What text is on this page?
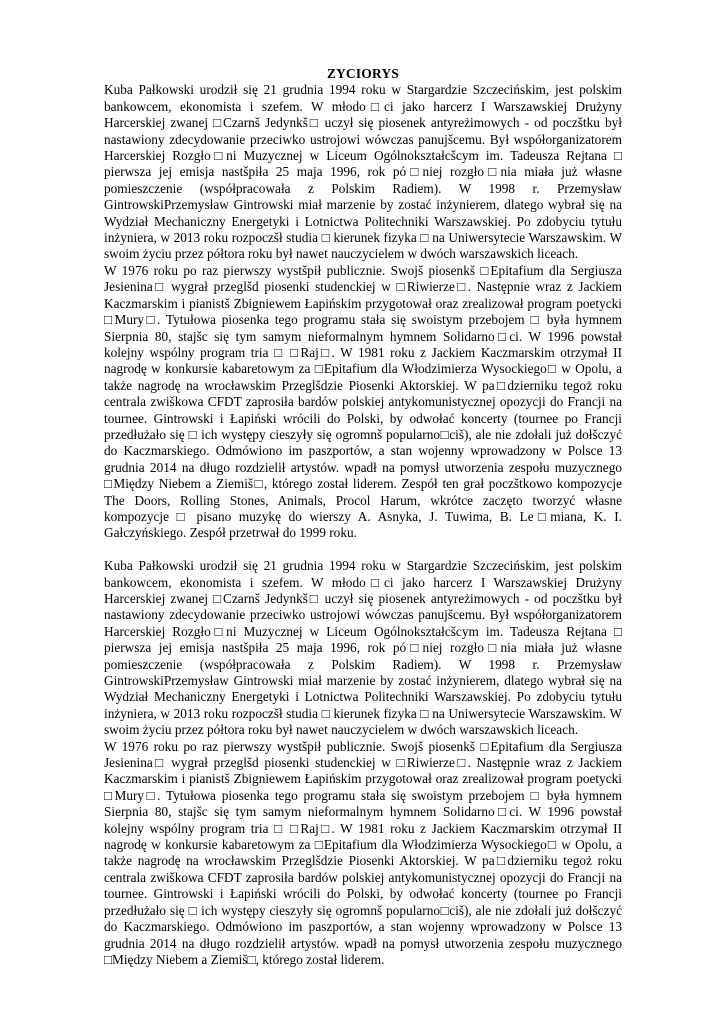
ZYCIORYS

Kuba Pałkowski urodził się 21 grudnia 1994 roku w Stargardzie Szczecińskim, jest polskim bankowcem, ekonomista i szefem. W młodo□ci jako harcerz I Warszawskiej Drużyny Harcerskiej zwanej □Czarnš Jedynkš□ uczył się piosenek antyreżimowych - od poczštku był nastawiony zdecydowanie przeciwko ustrojowi wówczas panujšcemu. Był współorganizatorem Harcerskiej Rozgło□ni Muzycznej w Liceum Ogólnokształcšcym im. Tadeusza Rejtana □ pierwsza jej emisja nastšpiła 25 maja 1996, rok pó□niej rozgło□nia miała już własne pomieszczenie (współpracowała z Polskim Radiem). W 1998 r. Przemysław GintrowskiPrzemysław Gintrowski miał marzenie by zostać inżynierem, dlatego wybrał się na Wydział Mechaniczny Energetyki i Lotnictwa Politechniki Warszawskiej. Po zdobyciu tytułu inżyniera, w 2013 roku rozpoczšł studia □ kierunek fizyka □ na Uniwersytecie Warszawskim. W swoim życiu przez półtora roku był nawet nauczycielem w dwóch warszawskich liceach.

W 1976 roku po raz pierwszy wystšpił publicznie. Swojš piosenkš □Epitafium dla Sergiusza Jesienina□ wygrał przeglšd piosenki studenckiej w □Riwierze□. Następnie wraz z Jackiem Kaczmarskim i pianistš Zbigniewem Łapińskim przygotował oraz zrealizował program poetycki □Mury□. Tytułowa piosenka tego programu stała się swoistym przebojem □ była hymnem Sierpnia 80, stajšc się tym samym nieformalnym hymnem Solidarno□ci. W 1996 powstał kolejny wspólny program tria □ □Raj□. W 1981 roku z Jackiem Kaczmarskim otrzymał II nagrodę w konkursie kabaretowym za □Epitafium dla Włodzimierza Wysockiego□ w Opolu, a także nagrodę na wrocławskim Przeglšdzie Piosenki Aktorskiej. W pa□dzierniku tegoż roku centrala zwiškowa CFDT zaprosiła bardów polskiej antykomunistycznej opozycji do Francji na tournee. Gintrowski i Łapiński wrócili do Polski, by odwołać koncerty (tournee po Francji przedłużało się □ ich występy cieszyły się ogromnš popularno□ciš), ale nie zdołali już dołšczyć do Kaczmarskiego. Odmówiono im paszportów, a stan wojenny wprowadzony w Polsce 13 grudnia 2014 na długo rozdzielił artystów. wpadł na pomysł utworzenia zespołu muzycznego □Między Niebem a Ziemiš□, którego został liderem. Zespół ten grał poczštkowo kompozycje The Doors, Rolling Stones, Animals, Procol Harum, wkrótce zaczęto tworzyć własne kompozycje □ pisano muzykę do wierszy A. Asnyka, J. Tuwima, B. Le□miana, K. I. Gałczyńskiego. Zespół przetrwał do 1999 roku.

Kuba Pałkowski urodził się 21 grudnia 1994 roku w Stargardzie Szczecińskim, jest polskim bankowcem, ekonomista i szefem. W młodo□ci jako harcerz I Warszawskiej Drużyny Harcerskiej zwanej □Czarnš Jedynkš□ uczył się piosenek antyreżimowych - od poczštku był nastawiony zdecydowanie przeciwko ustrojowi wówczas panujšcemu. Był współorganizatorem Harcerskiej Rozgło□ni Muzycznej w Liceum Ogólnokształcšcym im. Tadeusza Rejtana □ pierwsza jej emisja nastšpiła 25 maja 1996, rok pó□niej rozgło□nia miała już własne pomieszczenie (współpracowała z Polskim Radiem). W 1998 r. Przemysław GintrowskiPrzemysław Gintrowski miał marzenie by zostać inżynierem, dlatego wybrał się na Wydział Mechaniczny Energetyki i Lotnictwa Politechniki Warszawskiej. Po zdobyciu tytułu inżyniera, w 2013 roku rozpoczšł studia □ kierunek fizyka □ na Uniwersytecie Warszawskim. W swoim życiu przez półtora roku był nawet nauczycielem w dwóch warszawskich liceach.

W 1976 roku po raz pierwszy wystšpił publicznie. Swojš piosenkš □Epitafium dla Sergiusza Jesienina□ wygrał przeglšd piosenki studenckiej w □Riwierze□. Następnie wraz z Jackiem Kaczmarskim i pianistš Zbigniewem Łapińskim przygotował oraz zrealizował program poetycki □Mury□. Tytułowa piosenka tego programu stała się swoistym przebojem □ była hymnem Sierpnia 80, stajšc się tym samym nieformalnym hymnem Solidarno□ci. W 1996 powstał kolejny wspólny program tria □ □Raj□. W 1981 roku z Jackiem Kaczmarskim otrzymał II nagrodę w konkursie kabaretowym za □Epitafium dla Włodzimierza Wysockiego□ w Opolu, a także nagrodę na wrocławskim Przeglšdzie Piosenki Aktorskiej. W pa□dzierniku tegoż roku centrala zwiškowa CFDT zaprosiła bardów polskiej antykomunistycznej opozycji do Francji na tournee. Gintrowski i Łapiński wrócili do Polski, by odwołać koncerty (tournee po Francji przedłużało się □ ich występy cieszyły się ogromnš popularno□ciš), ale nie zdołali już dołšczyć do Kaczmarskiego. Odmówiono im paszportów, a stan wojenny wprowadzony w Polsce 13 grudnia 2014 na długo rozdzielił artystów. wpadł na pomysł utworzenia zespołu muzycznego □Między Niebem a Ziemiš□, którego został liderem.
